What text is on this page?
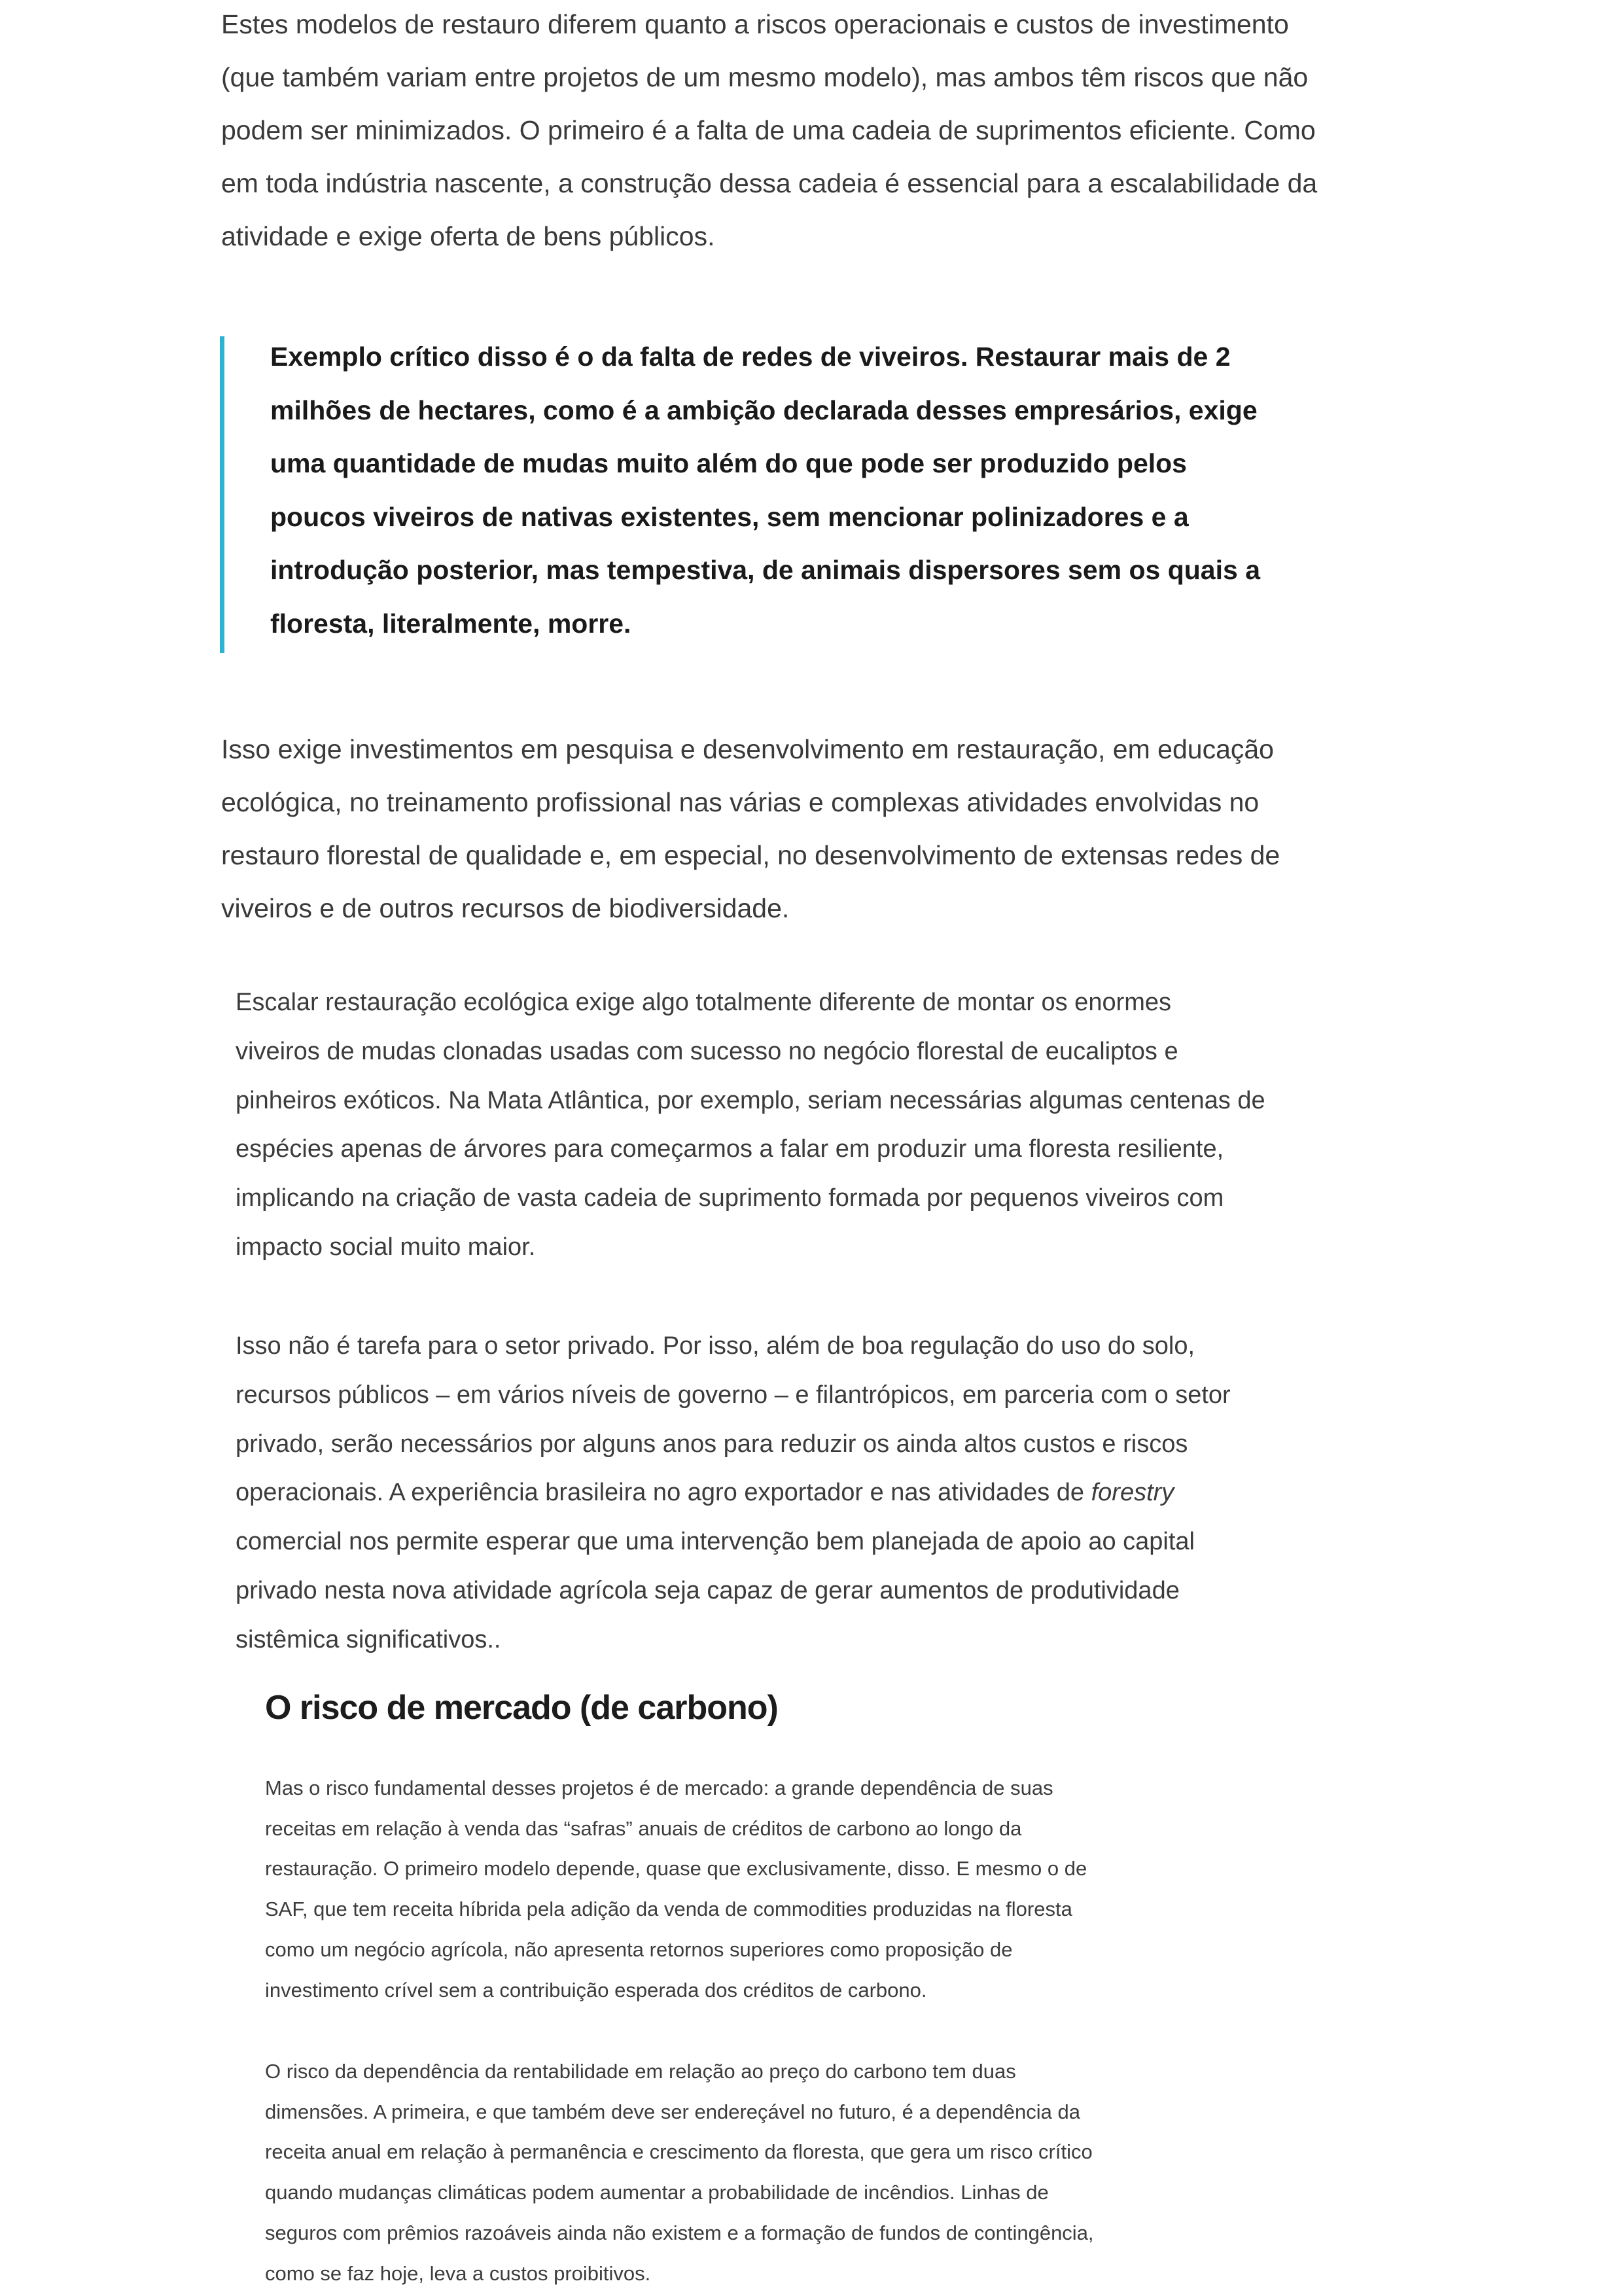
Estes modelos de restauro diferem quanto a riscos operacionais e custos de investimento
(que também variam entre projetos de um mesmo modelo), mas ambos têm riscos que não
podem ser minimizados. O primeiro é a falta de uma cadeia de suprimentos eficiente. Como
em toda indústria nascente, a construção dessa cadeia é essencial para a escalabilidade da
atividade e exige oferta de bens públicos.
Exemplo crítico disso é o da falta de redes de viveiros. Restaurar mais de 2
milhões de hectares, como é a ambição declarada desses empresários, exige
uma quantidade de mudas muito além do que pode ser produzido pelos
poucos viveiros de nativas existentes, sem mencionar polinizadores e a
introdução posterior, mas tempestiva, de animais dispersores sem os quais a
floresta, literalmente, morre.
Isso exige investimentos em pesquisa e desenvolvimento em restauração, em educação
ecológica, no treinamento profissional nas várias e complexas atividades envolvidas no
restauro florestal de qualidade e, em especial, no desenvolvimento de extensas redes de
viveiros e de outros recursos de biodiversidade.
Escalar restauração ecológica exige algo totalmente diferente de montar os enormes
viveiros de mudas clonadas usadas com sucesso no negócio florestal de eucaliptos e
pinheiros exóticos. Na Mata Atlântica, por exemplo, seriam necessárias algumas centenas de
espécies apenas de árvores para começarmos a falar em produzir uma floresta resiliente,
implicando na criação de vasta cadeia de suprimento formada por pequenos viveiros com
impacto social muito maior.
Isso não é tarefa para o setor privado. Por isso, além de boa regulação do uso do solo,
recursos públicos – em vários níveis de governo – e filantrópicos, em parceria com o setor
privado, serão necessários por alguns anos para reduzir os ainda altos custos e riscos
operacionais. A experiência brasileira no agro exportador e nas atividades de forestry
comercial nos permite esperar que uma intervenção bem planejada de apoio ao capital
privado nesta nova atividade agrícola seja capaz de gerar aumentos de produtividade
sistêmica significativos..
O risco de mercado (de carbono)
Mas o risco fundamental desses projetos é de mercado: a grande dependência de suas
receitas em relação à venda das “safras” anuais de créditos de carbono ao longo da
restauração. O primeiro modelo depende, quase que exclusivamente, disso. E mesmo o de
SAF, que tem receita híbrida pela adição da venda de commodities produzidas na floresta
como um negócio agrícola, não apresenta retornos superiores como proposição de
investimento crível sem a contribuição esperada dos créditos de carbono.
O risco da dependência da rentabilidade em relação ao preço do carbono tem duas
dimensões. A primeira, e que também deve ser endereçável no futuro, é a dependência da
receita anual em relação à permanência e crescimento da floresta, que gera um risco crítico
quando mudanças climáticas podem aumentar a probabilidade de incêndios. Linhas de
seguros com prêmios razoáveis ainda não existem e a formação de fundos de contingência,
como se faz hoje, leva a custos proibitivos.
